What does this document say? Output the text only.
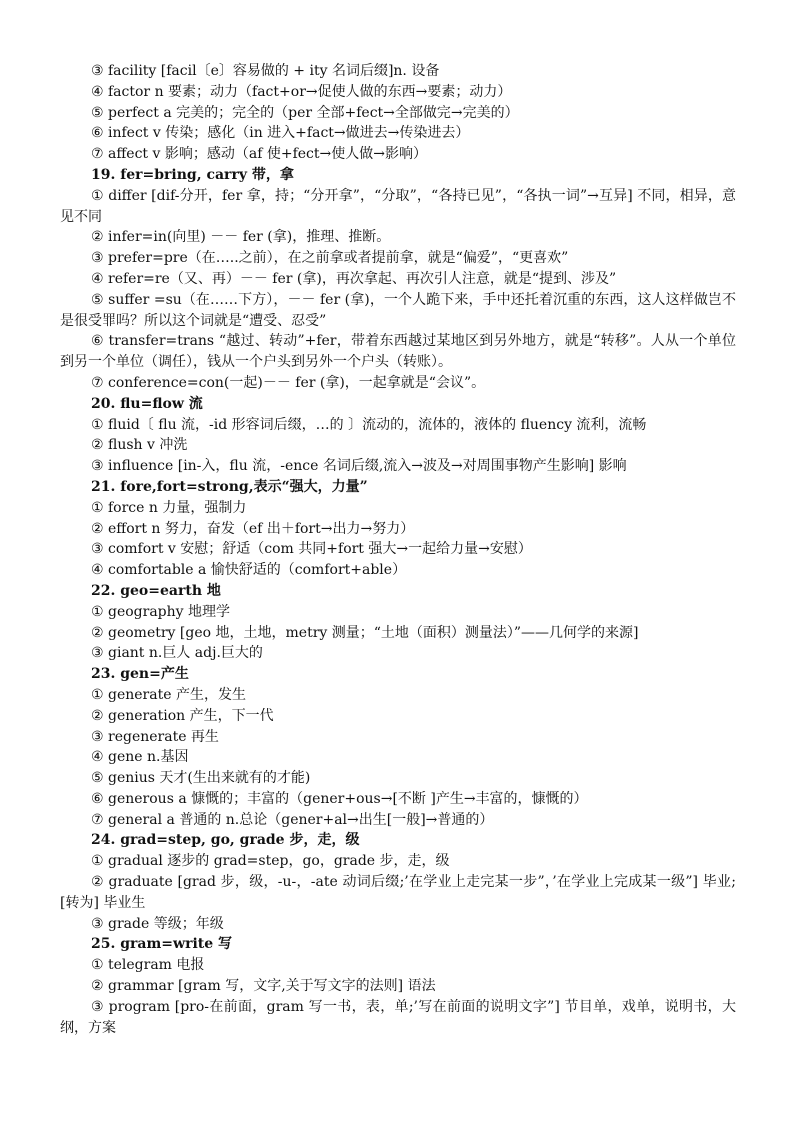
③ facility [facil〔e〕容易做的 + ity 名词后缀]n. 设备
④ factor n 要素；动力（fact+or→促使人做的东西→要素；动力）
⑤ perfect a 完美的；完全的（per 全部+fect→全部做完→完美的）
⑥ infect v 传染；感化（in 进入+fact→做进去→传染进去）
⑦ affect v 影响；感动（af 使+fect→使人做→影响）
19. fer=bring, carry 带，拿
① differ [dif-分开，fer 拿，持；“分开拿”，“分取”，“各持已见”，“各执一词”→互异] 不同，相异，意见不同
② infer=in(向里) －－ fer (拿)，推理、推断。
③ prefer=pre（在…..之前），在之前拿或者提前拿，就是“偏爱”，“更喜欢”
④ refer=re（又、再）－－ fer (拿)，再次拿起、再次引人注意，就是“提到、涉及”
⑤ suffer =su（在……下方），－－ fer (拿)，一个人跪下来，手中还托着沉重的东西，这人这样做岂不是很受罪吗？所以这个词就是“遭受、忍受”
⑥ transfer=trans “越过、转动”+fer，带着东西越过某地区到另外地方，就是“转移”。人从一个单位到另一个单位（调任），钱从一个户头到另外一个户头（转账）。
⑦ conference=con(一起)－－ fer (拿)，一起拿就是“会议”。
20. flu=flow 流
① fluid〔 flu 流，-id 形容词后缀，…的 〕流动的，流体的，液体的 fluency 流利，流畅
② flush v 冲洗
③ influence [in-入，flu 流，-ence 名词后缀,流入→波及→对周围事物产生影响] 影响
21. fore,fort=strong,表示“强大，力量”
① force n 力量，强制力
② effort n 努力，奋发（ef 出＋fort→出力→努力）
③ comfort v 安慰；舒适（com 共同+fort 强大→一起给力量→安慰）
④ comfortable a 愉快舒适的（comfort+able）
22. geo=earth 地
① geography 地理学
② geometry [geo 地，土地，metry 测量；“土地（面积）测量法）”——几何学的来源]
③ giant n.巨人 adj.巨大的
23. gen=产生
① generate 产生，发生
② generation 产生，下一代
③ regenerate 再生
④ gene n.基因
⑤ genius 天才(生出来就有的才能)
⑥ generous a 慷慨的；丰富的（gener+ous→[不断 ]产生→丰富的，慷慨的）
⑦ general a 普通的 n.总论（gener+al→出生[一般]→普通的）
24. grad=step, go, grade 步，走，级
① gradual 逐步的 grad=step，go，grade 步，走，级
② graduate [grad 步，级，-u-，-ate 动词后缀;’在学业上走完某一步”，’在学业上完成某一级”] 毕业;[转为] 毕业生
③ grade 等级；年级
25. gram=write 写
① telegram 电报
② grammar [gram 写，文字,关于写文字的法则] 语法
③ program [pro-在前面，gram 写一书，表，单;’写在前面的说明文字”] 节目单，戏单，说明书，大纲，方案
